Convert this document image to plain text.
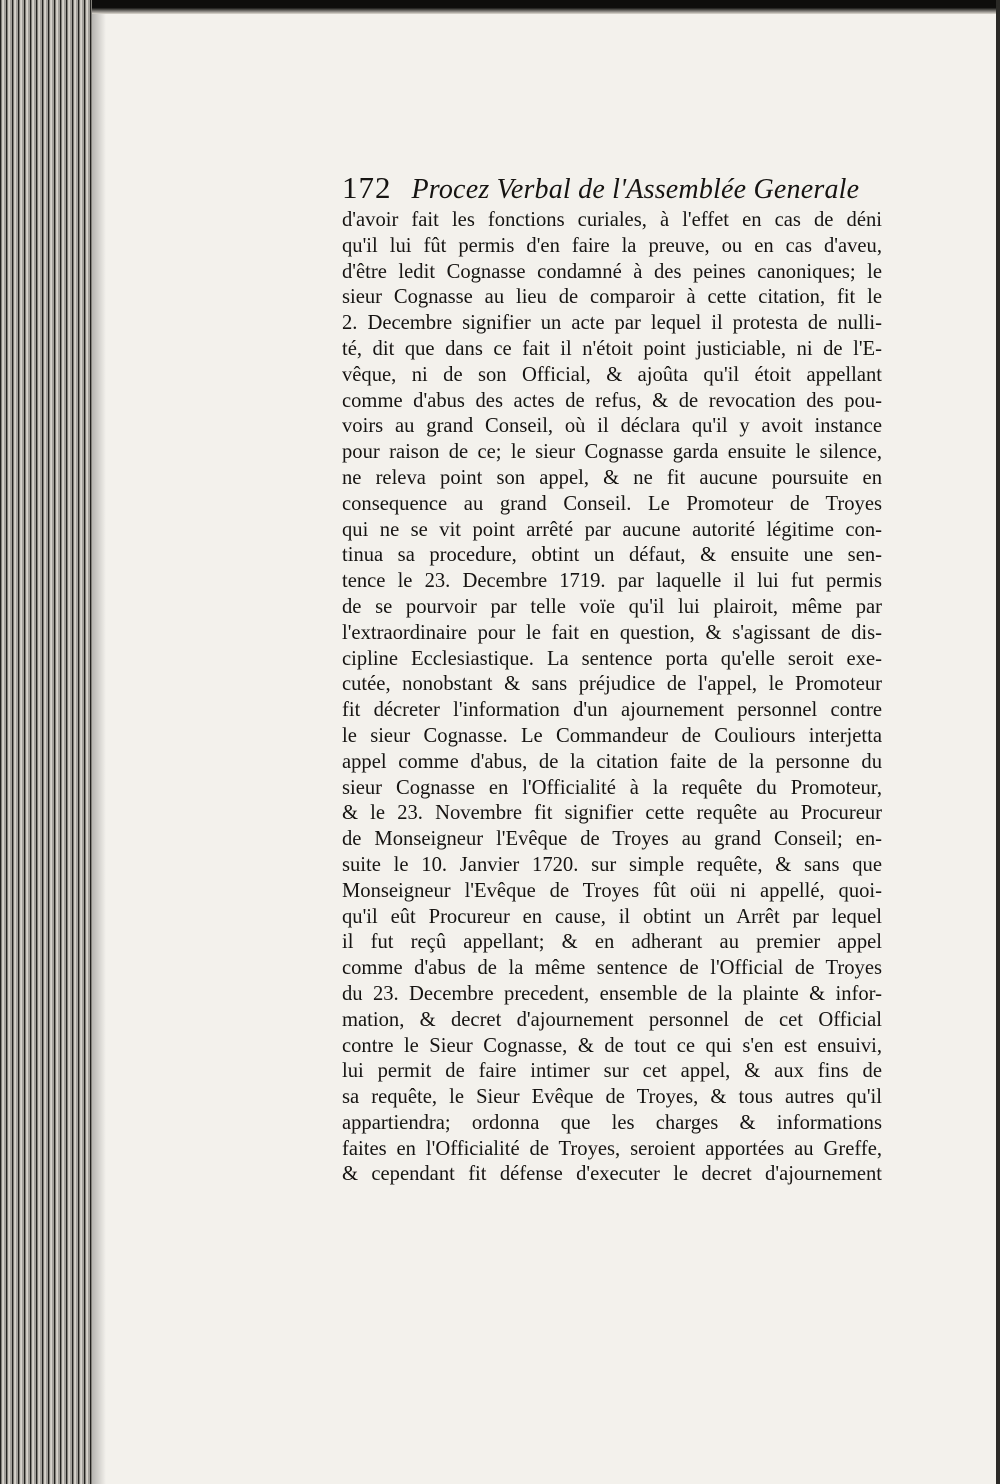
172 Procez Verbal de l'Assemblée Generale
d'avoir fait les fonctions curiales, à l'effet en cas de déni
qu'il lui fût permis d'en faire la preuve, ou en cas d'aveu,
d'être ledit Cognasse condamné à des peines canoniques; le
sieur Cognasse au lieu de comparoir à cette citation, fit le
2. Decembre signifier un acte par lequel il protesta de nulli-
té, dit que dans ce fait il n'étoit point justiciable, ni de l'E-
vêque, ni de son Official, & ajoûta qu'il étoit appellant
comme d'abus des actes de refus, & de revocation des pou-
voirs au grand Conseil, où il déclara qu'il y avoit instance
pour raison de ce; le sieur Cognasse garda ensuite le silence,
ne releva point son appel, & ne fit aucune poursuite en
consequence au grand Conseil. Le Promoteur de Troyes
qui ne se vit point arrêté par aucune autorité légitime con-
tinua sa procedure, obtint un défaut, & ensuite une sen-
tence le 23. Decembre 1719. par laquelle il lui fut permis
de se pourvoir par telle voïe qu'il lui plairoit, même par
l'extraordinaire pour le fait en question, & s'agissant de dis-
cipline Ecclesiastique. La sentence porta qu'elle seroit exe-
cutée, nonobstant & sans préjudice de l'appel, le Promoteur
fit décreter l'information d'un ajournement personnel contre
le sieur Cognasse. Le Commandeur de Couliours interjetta
appel comme d'abus, de la citation faite de la personne du
sieur Cognasse en l'Officialité à la requête du Promoteur,
& le 23. Novembre fit signifier cette requête au Procureur
de Monseigneur l'Evêque de Troyes au grand Conseil; en-
suite le 10. Janvier 1720. sur simple requête, & sans que
Monseigneur l'Evêque de Troyes fût oüi ni appellé, quoi-
qu'il eût Procureur en cause, il obtint un Arrêt par lequel
il fut reçû appellant; & en adherant au premier appel
comme d'abus de la même sentence de l'Official de Troyes
du 23. Decembre precedent, ensemble de la plainte & infor-
mation, & decret d'ajournement personnel de cet Official
contre le Sieur Cognasse, & de tout ce qui s'en est ensuivi,
lui permit de faire intimer sur cet appel, & aux fins de
sa requête, le Sieur Evêque de Troyes, & tous autres qu'il
appartiendra; ordonna que les charges & informations
faites en l'Officialité de Troyes, seroient apportées au Greffe,
& cependant fit défense d'executer le decret d'ajournement
